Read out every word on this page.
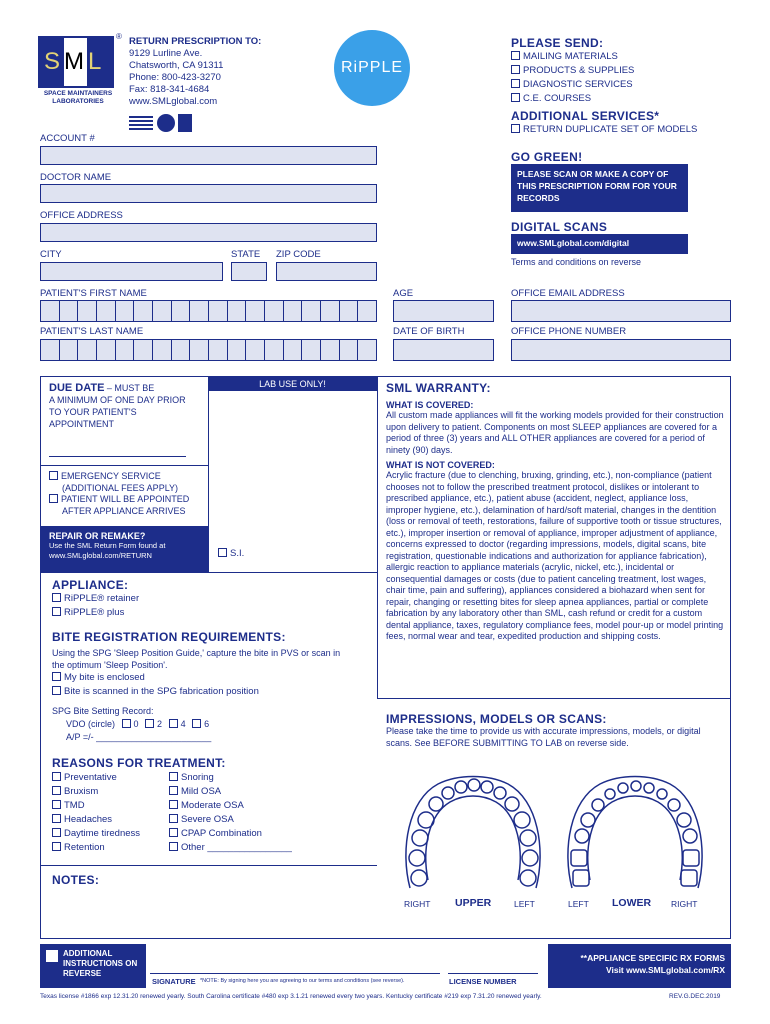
SML
®
SPACE MAINTAINERS
LABORATORIES
RETURN PRESCRIPTION TO:
9129 Lurline Ave.
Chatsworth, CA 91311
Phone: 800-423-3270
Fax: 818-341-4684
www.SMLglobal.com
RiPPLE
PLEASE SEND:
MAILING MATERIALS
PRODUCTS & SUPPLIES
DIAGNOSTIC SERVICES
C.E. COURSES
ADDITIONAL SERVICES*
RETURN DUPLICATE SET OF MODELS
GO GREEN!
PLEASE SCAN OR MAKE A COPY OF THIS PRESCRIPTION FORM FOR YOUR RECORDS
DIGITAL SCANS
www.SMLglobal.com/digital
Terms and conditions on reverse
ACCOUNT #
DOCTOR NAME
OFFICE ADDRESS
CITY	STATE ZIP CODE
PATIENT'S FIRST NAME	AGE	OFFICE EMAIL ADDRESS
PATIENT'S LAST NAME	DATE OF BIRTH	OFFICE PHONE NUMBER
DUE DATE – MUST BE
A MINIMUM OF ONE DAY PRIOR TO YOUR PATIENT'S APPOINTMENT
LAB USE ONLY!
EMERGENCY SERVICE
(ADDITIONAL FEES APPLY)
PATIENT WILL BE APPOINTED
AFTER APPLIANCE ARRIVES
REPAIR OR REMAKE?
Use the SML Return Form found at www.SMLglobal.com/RETURN	S.I.
APPLIANCE:
RiPPLE® retainer
RiPPLE® plus
BITE REGISTRATION REQUIREMENTS:
Using the SPG 'Sleep Position Guide,' capture the bite in PVS or scan in the optimum 'Sleep Position'.
My bite is enclosed
Bite is scanned in the SPG fabrication position
SPG Bite Setting Record:
VDO (circle) 0 2 4 6
A/P =/- _______________________
REASONS FOR TREATMENT:
Preventative
Bruxism
TMD
Headaches
Daytime tiredness
Retention
Snoring
Mild OSA
Moderate OSA
Severe OSA
CPAP Combination
Other ________________
NOTES:
SML WARRANTY:
WHAT IS COVERED:
All custom made appliances will fit the working models provided for their construction upon delivery to patient. Components on most SLEEP appliances are covered for a period of three (3) years and ALL OTHER appliances are covered for a period of ninety (90) days.
WHAT IS NOT COVERED:
Acrylic fracture (due to clenching, bruxing, grinding, etc.), non-compliance (patient chooses not to follow the prescribed treatment protocol, dislikes or intolerant to prescribed appliance, etc.), patient abuse (accident, neglect, appliance loss, improper hygiene, etc.), delamination of hard/soft material, changes in the dentition (loss or removal of teeth, restorations, failure of supportive tooth or tissue structures, etc.), improper insertion or removal of appliance, improper adjustment of appliance, concerns expressed to doctor (regarding impressions, models, digital scans, bite registration, questionable indications and authorization for appliance fabrication), allergic reaction to appliance materials (acrylic, nickel, etc.), incidental or consequential damages or costs (due to patient canceling treatment, lost wages, chair time, pain and suffering), appliances considered a biohazard when sent for repair, changing or resetting bites for sleep apnea appliances, partial or complete fabrication by any laboratory other than SML, cash refund or credit for a custom dental appliance, taxes, regulatory compliance fees, model pour-up or model printing fees, normal wear and tear, expedited production and shipping costs.
IMPRESSIONS, MODELS OR SCANS:
Please take the time to provide us with accurate impressions, models, or digital scans. See BEFORE SUBMITTING TO LAB on reverse side.
RIGHT UPPER	LEFT	LEFT LOWER RIGHT
ADDITIONAL INSTRUCTIONS ON REVERSE
SIGNATURE *NOTE: By signing here you are agreeing to our terms and conditions (see reverse).	LICENSE NUMBER
**APPLIANCE SPECIFIC RX FORMS
Visit www.SMLglobal.com/RX
Texas license #1866 exp 12.31.20 renewed yearly. South Carolina certificate #480 exp 3.1.21 renewed every two years. Kentucky certificate #219 exp 7.31.20 renewed yearly.	REV.G.DEC.2019
